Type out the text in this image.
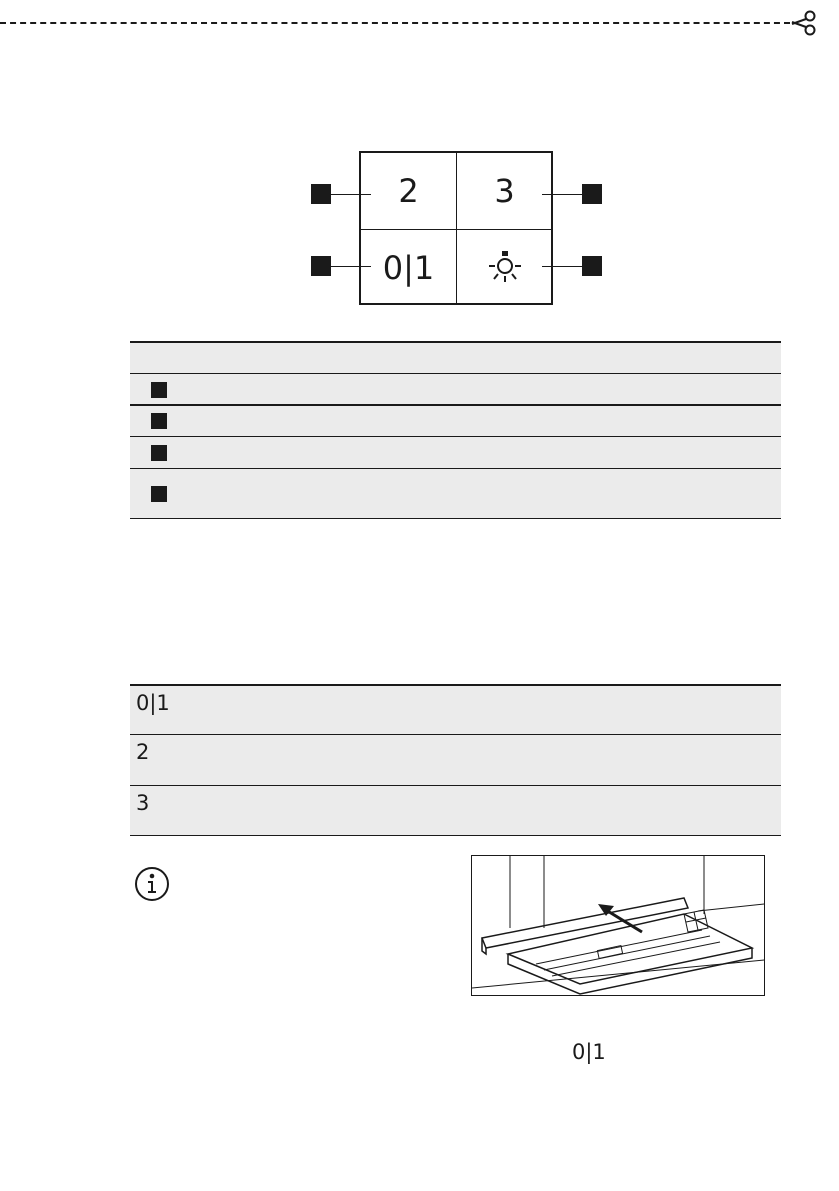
2 3
0|1
0|1
2
3
0|1
